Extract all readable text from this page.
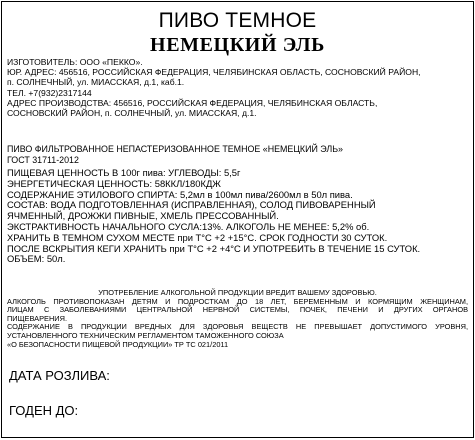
ПИВО ТЕМНОЕ
НЕМЕЦКИЙ ЭЛЬ

ИЗГОТОВИТЕЛЬ: ООО «ПЕККО».

ЮР. АДРЕС: 456516, РОССИЙСКАЯ ФЕДЕРАЦИЯ, ЧЕЛЯБИНСКАЯ ОБЛАСТЬ, СОСНОВСКИЙ РАЙОН,

п. СОЛНЕЧНЫЙ, ул. МИАССКАЯ, д.1, каб.1.

ТЕЛ. +7(932)2317144

АДРЕС ПРОИЗВОДСТВА: 456516, РОССИЙСКАЯ ФЕДЕРАЦИЯ, ЧЕЛЯБИНСКАЯ ОБЛАСТЬ,

СОСНОВСКИЙ РАЙОН, п. СОЛНЕЧНЫЙ, ул. МИАССКАЯ, д.1.

ПИВО ФИЛЬТРОВАННОЕ НЕПАСТЕРИЗОВАННОЕ ТЕМНОЕ «НЕМЕЦКИЙ ЭЛЬ»

ГОСТ 31711-2012

ПИЩЕВАЯ ЦЕННОСТЬ В 100г пива: УГЛЕВОДЫ: 5,5г

ЭНЕРГЕТИЧЕСКАЯ ЦЕННОСТЬ: 58ККЛ/180КДЖ

СОДЕРЖАНИЕ ЭТИЛОВОГО СПИРТА: 5,2мл в 100мл пива/2600мл в 50л пива.

СОСТАВ: ВОДА ПОДГОТОВЛЕННАЯ (ИСПРАВЛЕННАЯ), СОЛОД ПИВОВАРЕННЫЙ

ЯЧМЕННЫЙ, ДРОЖЖИ ПИВНЫЕ, ХМЕЛЬ ПРЕССОВАННЫЙ.

ЭКСТРАКТИВНОСТЬ НАЧАЛЬНОГО СУСЛА:13%. АЛКОГОЛЬ НЕ МЕНЕЕ: 5,2% об.

ХРАНИТЬ В ТЕМНОМ СУХОМ МЕСТЕ при Т°С +2 +15°С. СРОК ГОДНОСТИ 30 СУТОК.

ПОСЛЕ ВСКРЫТИЯ КЕГИ ХРАНИТЬ при Т°С +2 +4°С И УПОТРЕБИТЬ В ТЕЧЕНИЕ 15 СУТОК.

ОБЪЕМ: 50л.

УПОТРЕБЛЕНИЕ АЛКОГОЛЬНОЙ ПРОДУКЦИИ ВРЕДИТ ВАШЕМУ ЗДОРОВЬЮ.

АЛКОГОЛЬ ПРОТИВОПОКАЗАН ДЕТЯМ И ПОДРОСТКАМ ДО 18 ЛЕТ, БЕРЕМЕННЫМ И КОРМЯЩИМ ЖЕНЩИНАМ,

ЛИЦАМ С ЗАБОЛЕВАНИЯМИ ЦЕНТРАЛЬНОЙ НЕРВНОЙ СИСТЕМЫ, ПОЧЕК, ПЕЧЕНИ И ДРУГИХ ОРГАНОВ

ПИЩЕВАРЕНИЯ.

СОДЕРЖАНИЕ В ПРОДУКЦИИ ВРЕДНЫХ ДЛЯ ЗДОРОВЬЯ ВЕЩЕСТВ НЕ ПРЕВЫШАЕТ ДОПУСТИМОГО УРОВНЯ,

УСТАНОВЛЕННОГО ТЕХНИЧЕСКИМ РЕГЛАМЕНТОМ ТАМОЖЕННОГО СОЮЗА

«О БЕЗОПАСНОСТИ ПИЩЕВОЙ ПРОДУКЦИИ» ТР ТС 021/2011

ДАТА РОЗЛИВА:
ГОДЕН ДО:
